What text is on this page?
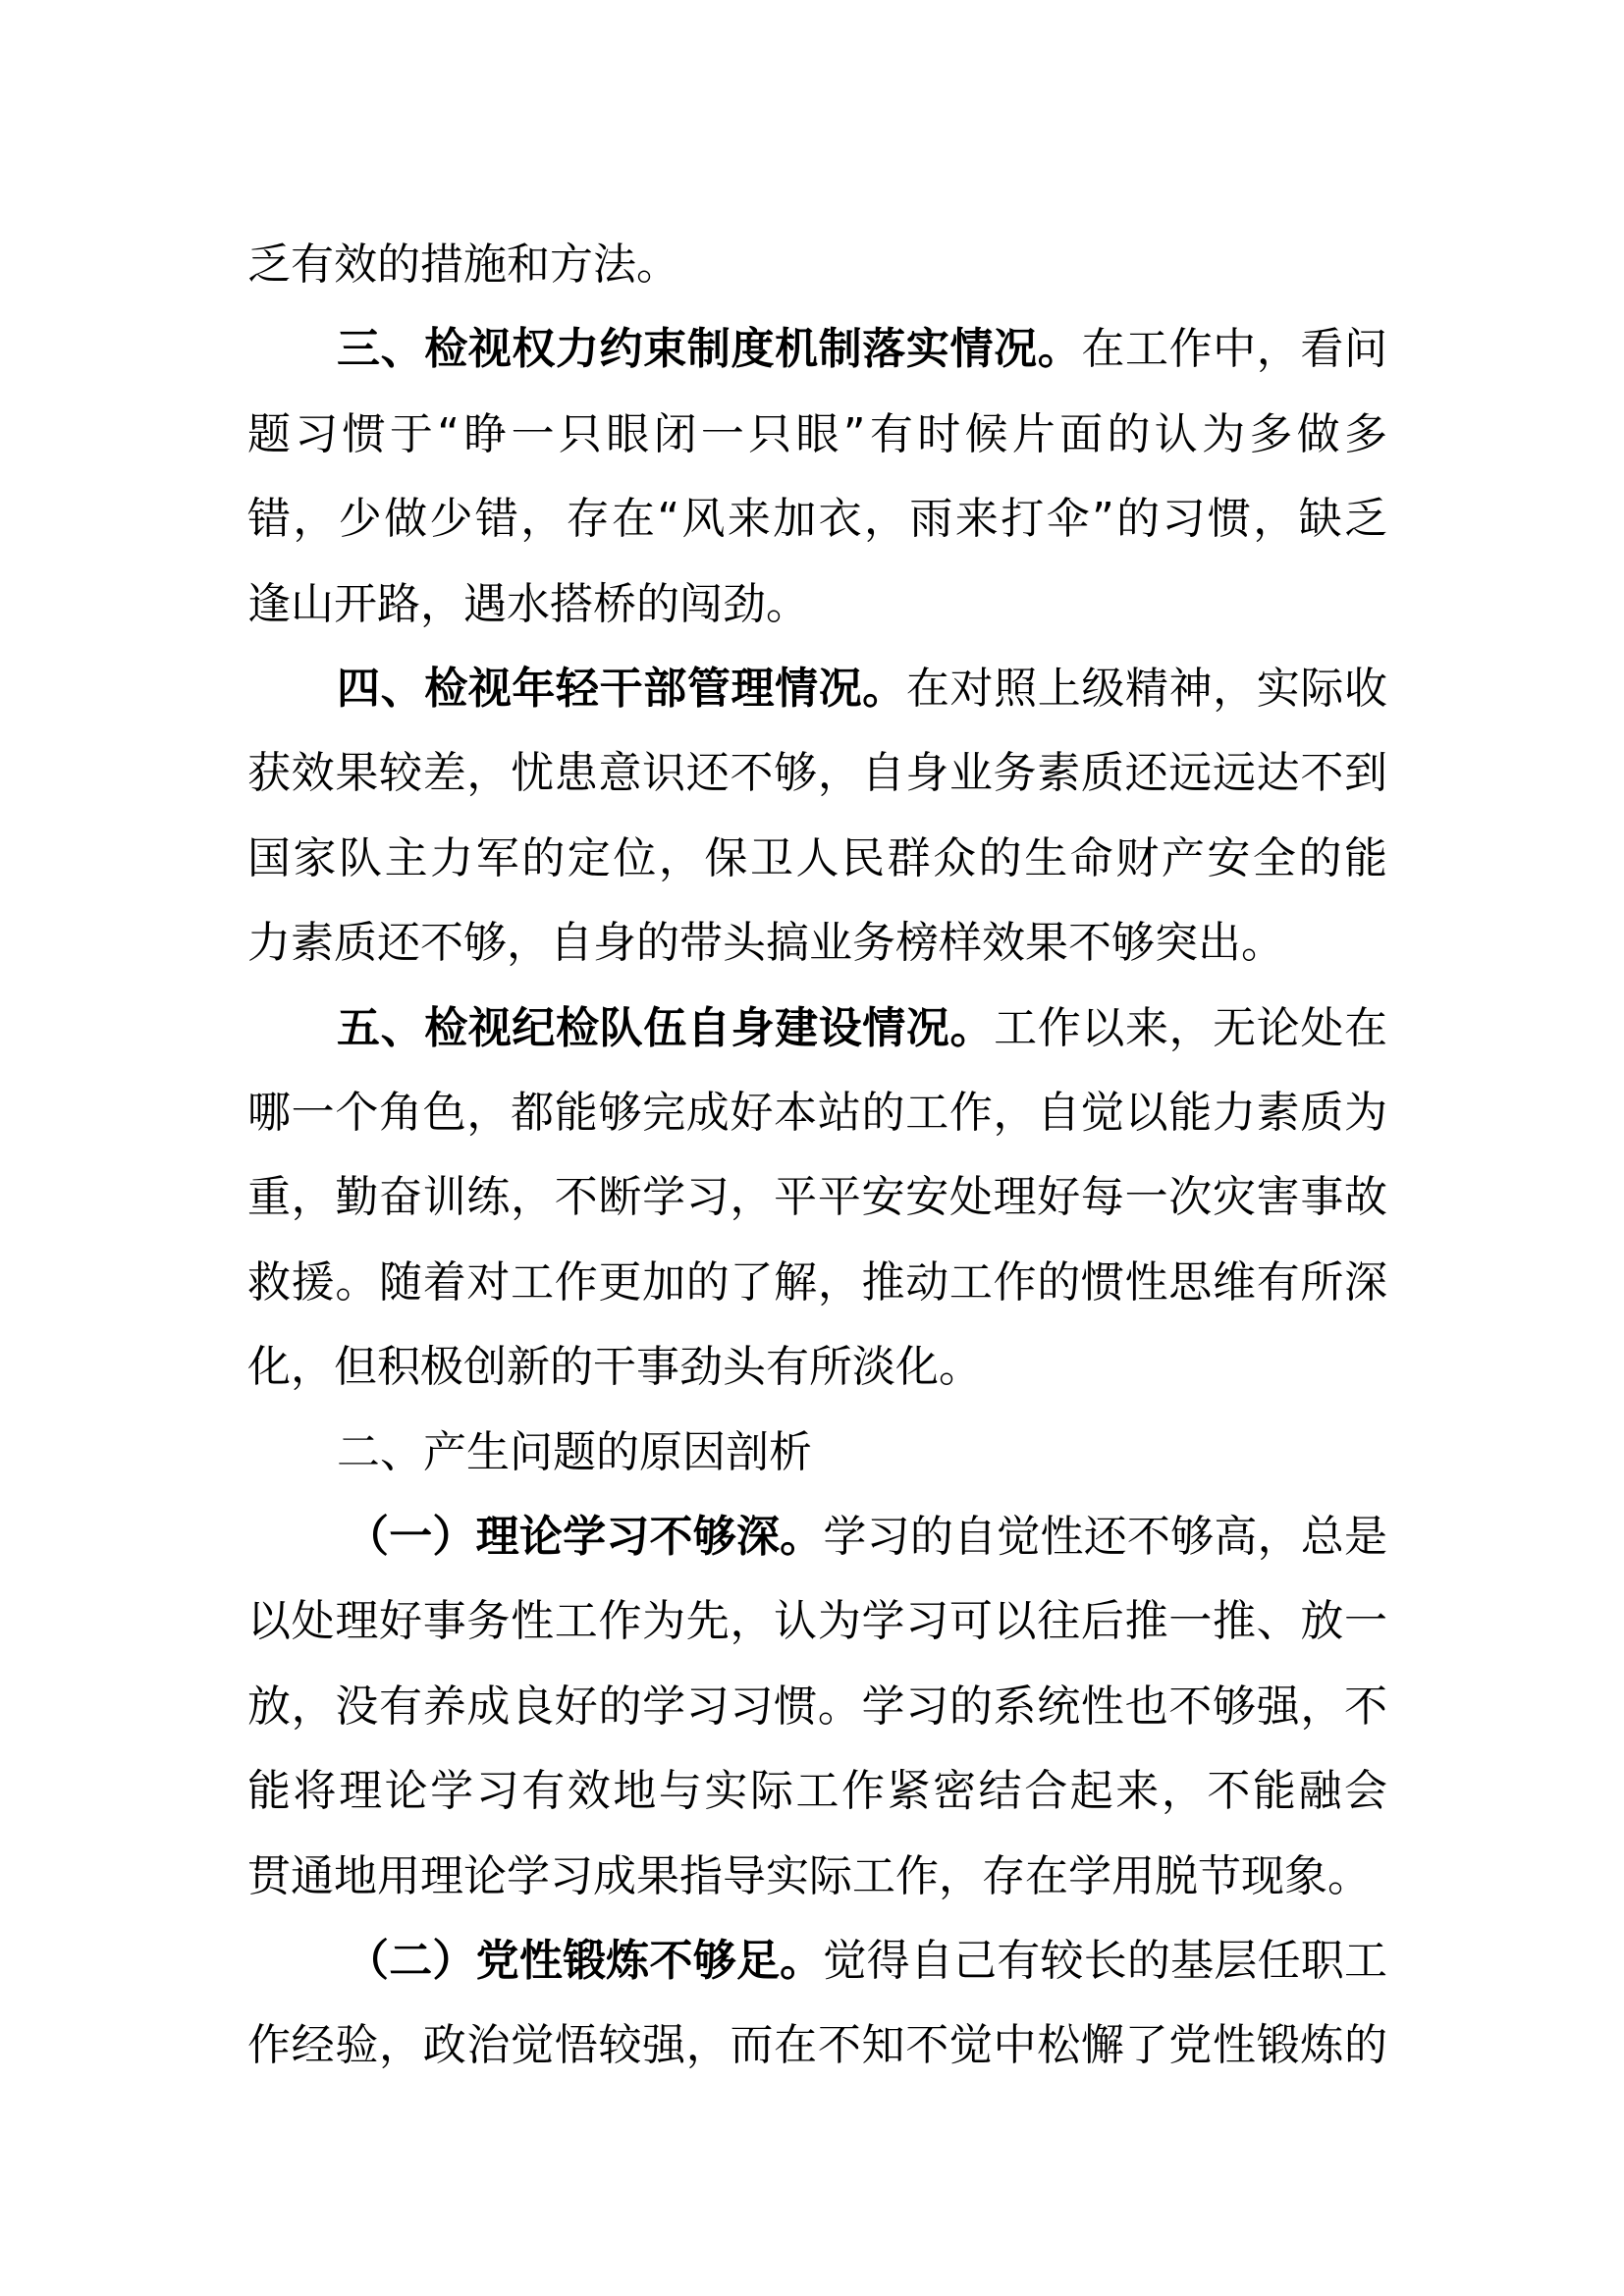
乏有效的措施和方法。
三、检视权力约束制度机制落实情况。在工作中，看问
题习惯于“睁一只眼闭一只眼”有时候片面的认为多做多
错，少做少错，存在“风来加衣，雨来打伞”的习惯，缺乏
逢山开路，遇水搭桥的闯劲。
四、检视年轻干部管理情况。在对照上级精神，实际收
获效果较差，忧患意识还不够，自身业务素质还远远达不到
国家队主力军的定位，保卫人民群众的生命财产安全的能
力素质还不够，自身的带头搞业务榜样效果不够突出。
五、检视纪检队伍自身建设情况。工作以来，无论处在
哪一个角色，都能够完成好本站的工作，自觉以能力素质为
重，勤奋训练，不断学习，平平安安处理好每一次灾害事故
救援。随着对工作更加的了解，推动工作的惯性思维有所深
化，但积极创新的干事劲头有所淡化。
二、产生问题的原因剖析
（一）理论学习不够深。学习的自觉性还不够高，总是
以处理好事务性工作为先，认为学习可以往后推一推、放一
放，没有养成良好的学习习惯。学习的系统性也不够强，不
能将理论学习有效地与实际工作紧密结合起来，不能融会
贯通地用理论学习成果指导实际工作，存在学用脱节现象。
（二）党性锻炼不够足。觉得自己有较长的基层任职工
作经验，政治觉悟较强，而在不知不觉中松懈了党性锻炼的
